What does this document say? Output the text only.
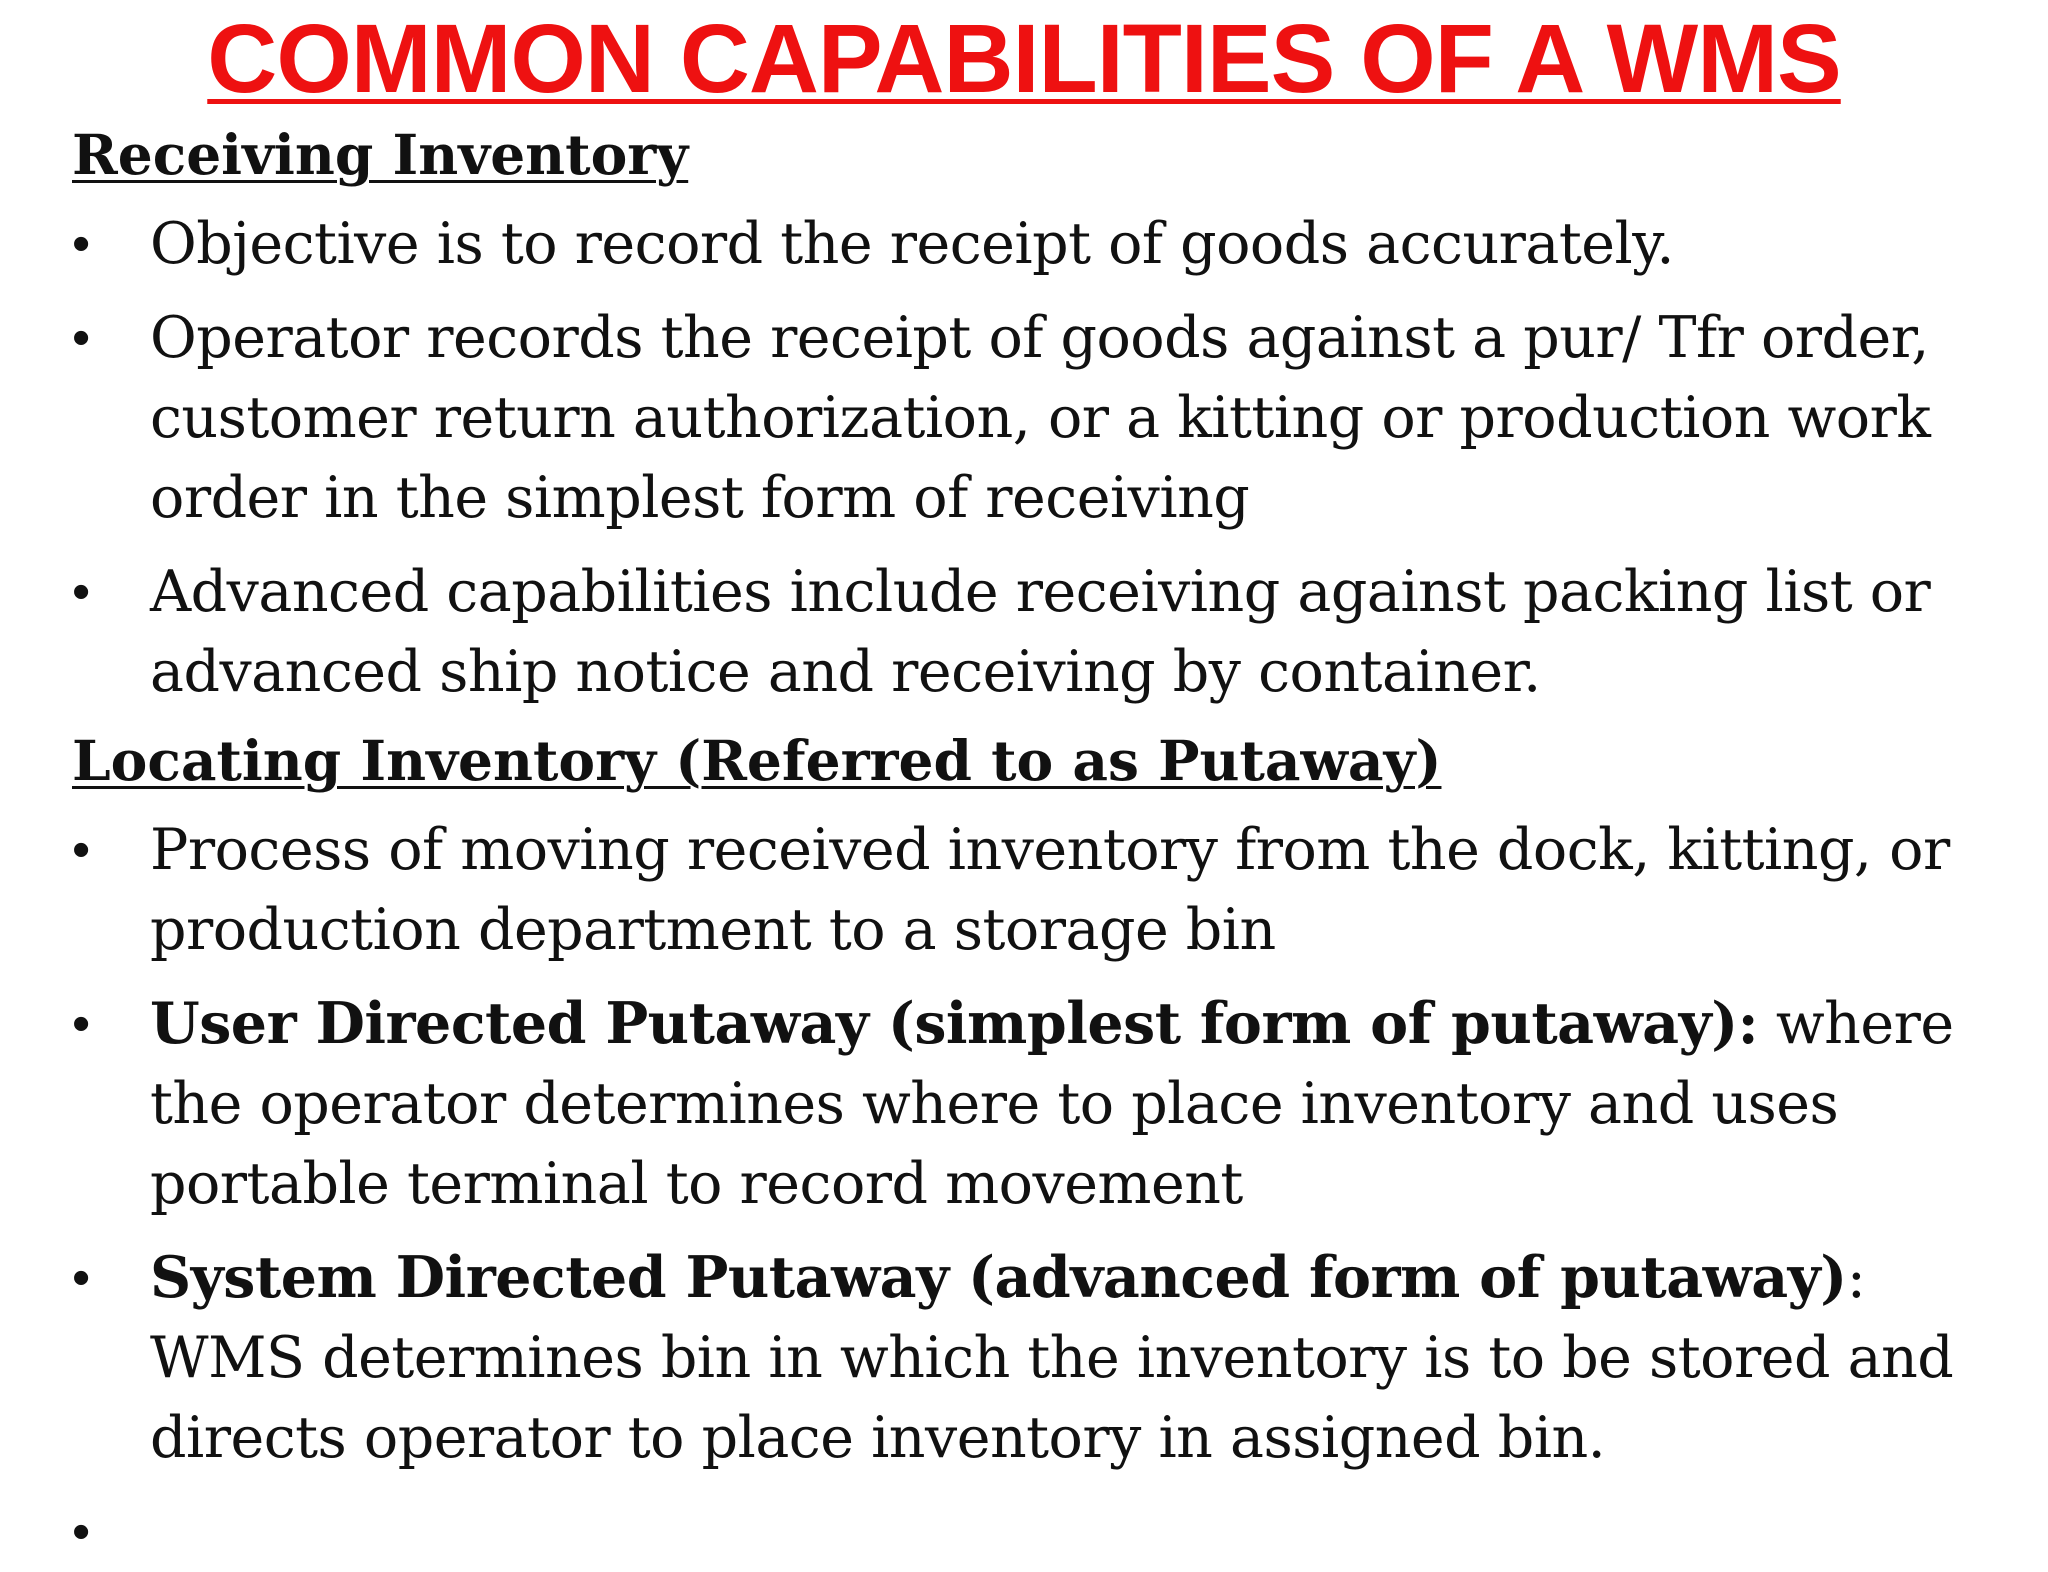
COMMON CAPABILITIES OF A WMS
Receiving Inventory
• Objective is to record the receipt of goods accurately.
• Operator records the receipt of goods against a pur/ Tfr order, customer return authorization, or a kitting or production work order in the simplest form of receiving
• Advanced capabilities include receiving against packing list or advanced ship notice and receiving by container.
Locating Inventory (Referred to as Putaway)
• Process of moving received inventory from the dock, kitting, or production department to a storage bin
• User Directed Putaway (simplest form of putaway): where the operator determines where to place inventory and uses portable terminal to record movement
• System Directed Putaway (advanced form of putaway): WMS determines bin in which the inventory is to be stored and directs operator to place inventory in assigned bin.
•
